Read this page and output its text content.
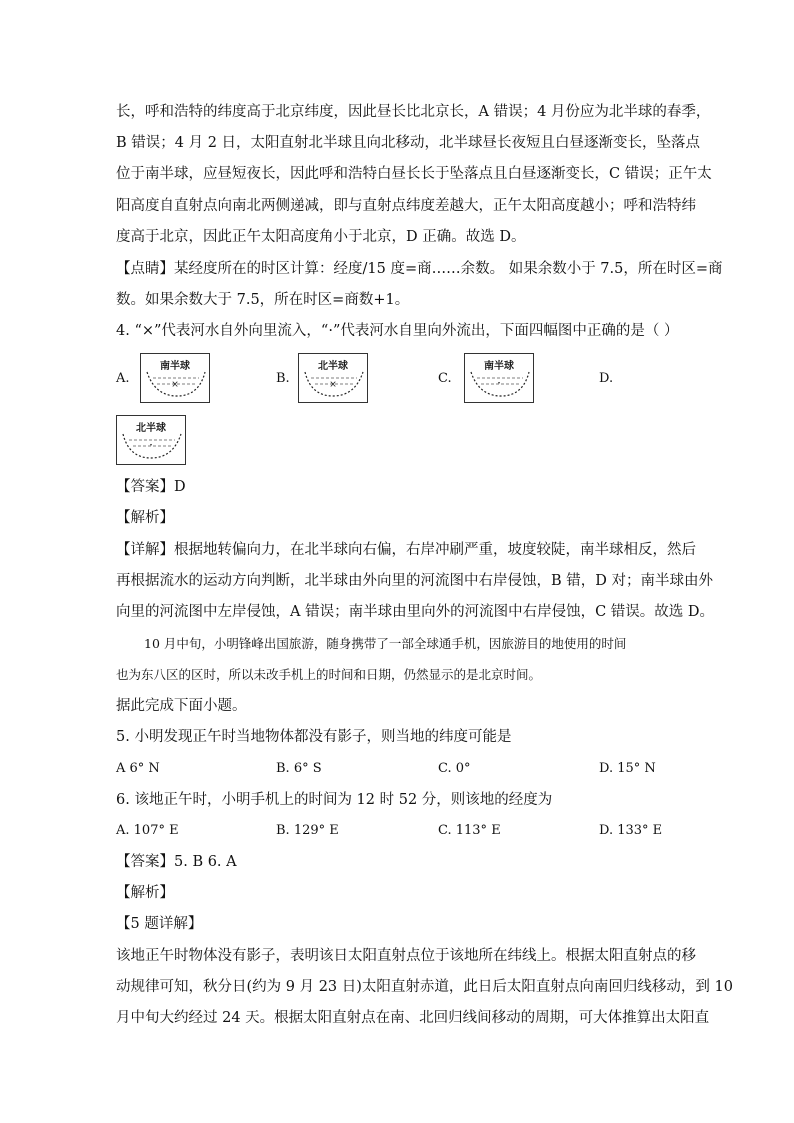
长，呼和浩特的纬度高于北京纬度，因此昼长比北京长，A 错误；4 月份应为北半球的春季，
B 错误；4 月 2 日，太阳直射北半球且向北移动，北半球昼长夜短且白昼逐渐变长，坠落点
位于南半球，应昼短夜长，因此呼和浩特白昼长长于坠落点且白昼逐渐变长，C 错误；正午太
阳高度自直射点向南北两侧递减，即与直射点纬度差越大，正午太阳高度越小；呼和浩特纬
度高于北京，因此正午太阳高度角小于北京，D 正确。故选 D。
【点睛】某经度所在的时区计算：经度/15 度=商……余数。 如果余数小于 7.5，所在时区=商
数。如果余数大于 7.5，所在时区=商数+1。
4. “×”代表河水自外向里流入，“·”代表河水自里向外流出，下面四幅图中正确的是（ ）
A.
南半球
×	B.
北半球
×	C.
南半球
·	D.
北半球
·
【答案】D
【解析】
【详解】根据地转偏向力，在北半球向右偏，右岸冲刷严重，坡度较陡，南半球相反，然后
再根据流水的运动方向判断，北半球由外向里的河流图中右岸侵蚀，B 错，D 对；南半球由外
向里的河流图中左岸侵蚀，A 错误；南半球由里向外的河流图中右岸侵蚀，C 错误。故选 D。
10 月中旬，小明锋峰出国旅游，随身携带了一部全球通手机，因旅游目的地使用的时间
也为东八区的区时，所以未改手机上的时间和日期，仍然显示的是北京时间。
据此完成下面小题。
5. 小明发现正午时当地物体都没有影子，则当地的纬度可能是
A 6° N	B. 6° S	C. 0°	D. 15° N
6. 该地正午时，小明手机上的时间为 12 时 52 分，则该地的经度为
A. 107° E	B. 129° E	C. 113° E	D. 133° E
【答案】5. B 6. A
【解析】
【5 题详解】
该地正午时物体没有影子，表明该日太阳直射点位于该地所在纬线上。根据太阳直射点的移
动规律可知，秋分日(约为 9 月 23 日)太阳直射赤道，此日后太阳直射点向南回归线移动，到 10
月中旬大约经过 24 天。根据太阳直射点在南、北回归线间移动的周期，可大体推算出太阳直
